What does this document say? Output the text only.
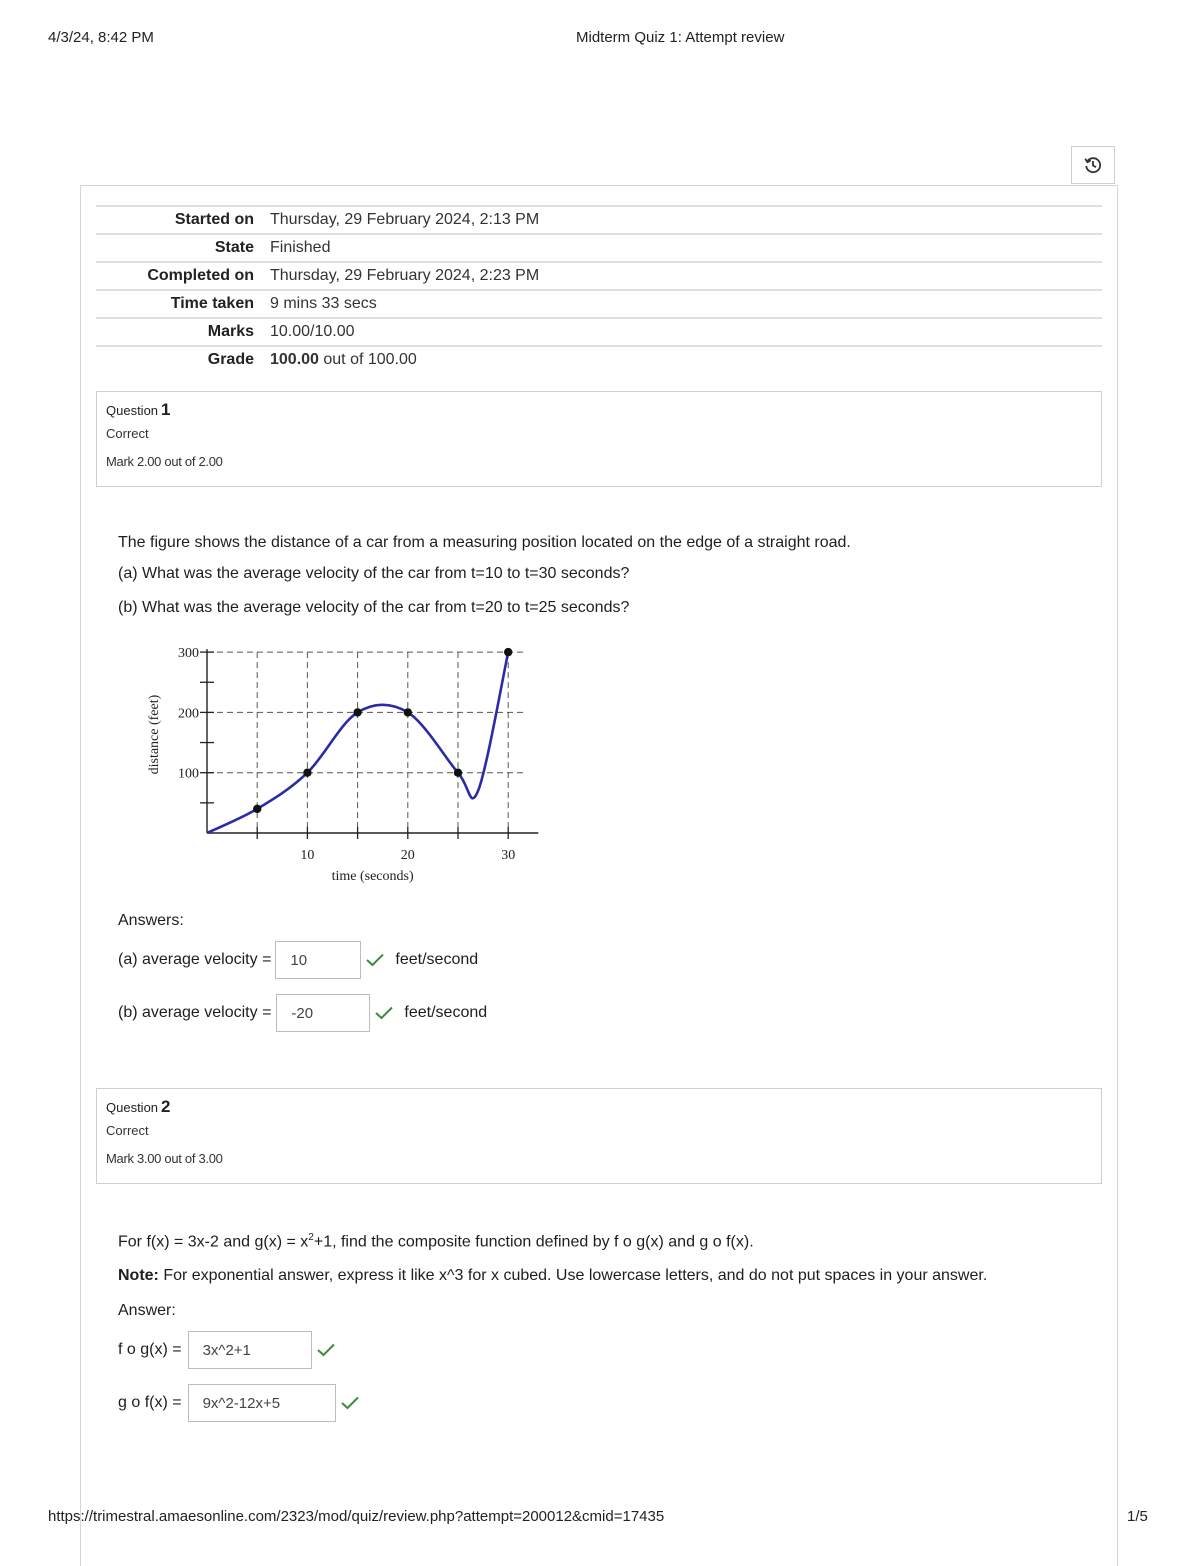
4/3/24, 8:42 PM	Midterm Quiz 1: Attempt review
https://trimestral.amaesonline.com/2323/mod/quiz/review.php?attempt=200012&cmid=17435	1/5
Started on	Thursday, 29 February 2024, 2:13 PM
State	Finished
Completed on	Thursday, 29 February 2024, 2:23 PM
Time taken	9 mins 33 secs
Marks	10.00/10.00
Grade	100.00 out of 100.00
Question 1
Correct
Mark 2.00 out of 2.00
The figure shows the distance of a car from a measuring position located on the edge of a straight road.
(a) What was the average velocity of the car from t=10 to t=30 seconds?
(b) What was the average velocity of the car from t=20 to t=25 seconds?
10	20	30
100
200
300
time (seconds)
distance (feet)
Answers:
(a) average velocity =	10	feet/second
(b) average velocity =	-20	feet/second
Question 2
Correct
Mark 3.00 out of 3.00
For f(x) = 3x-2 and $g(x) = x^2+1$, find the composite function defined by f o g(x) and g o f(x).
Note: For exponential answer, express it like x^3 for x cubed. Use lowercase letters, and do not put spaces in your answer.
Answer:
f o g(x) =	3x^2+1
g o f(x) =	9x^2-12x+5
